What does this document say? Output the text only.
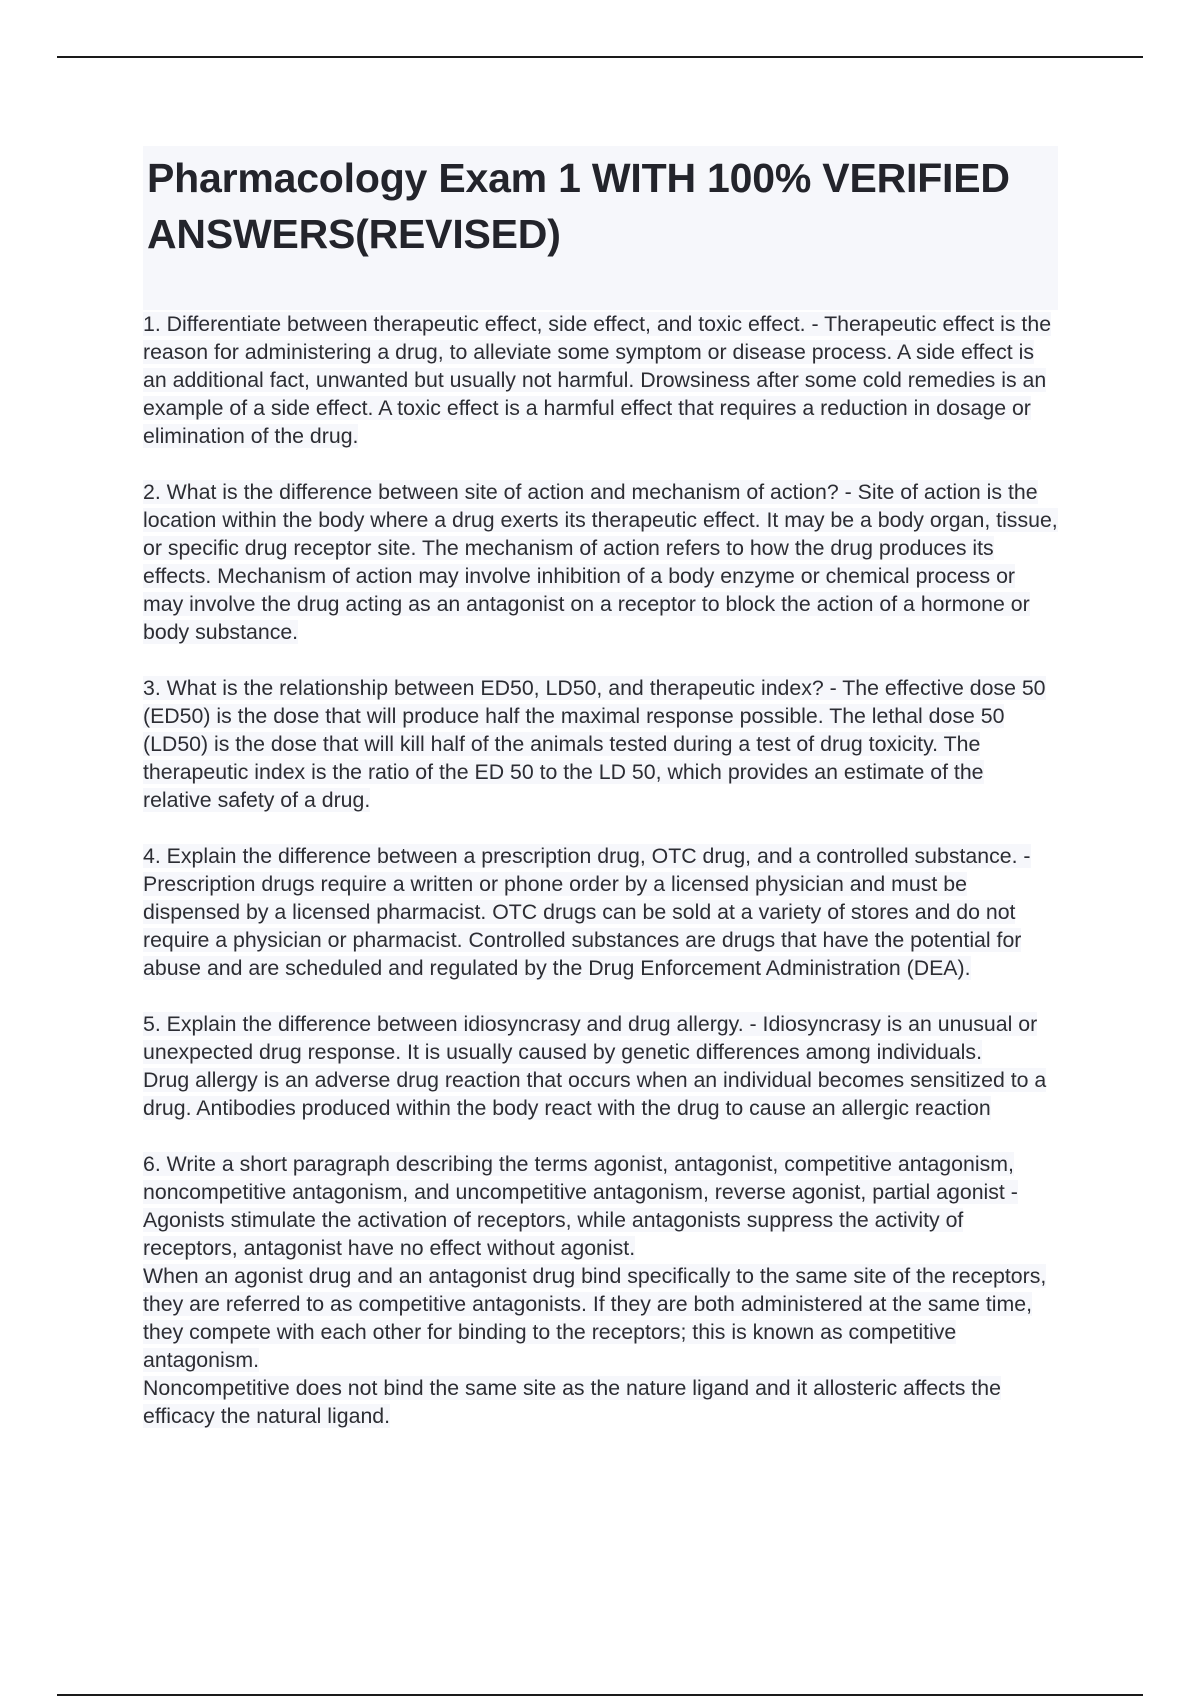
Pharmacology Exam 1 WITH 100% VERIFIED ANSWERS(REVISED)

1. Differentiate between therapeutic effect, side effect, and toxic effect. - Therapeutic effect is the reason for administering a drug, to alleviate some symptom or disease process. A side effect is an additional fact, unwanted but usually not harmful. Drowsiness after some cold remedies is an example of a side effect. A toxic effect is a harmful effect that requires a reduction in dosage or elimination of the drug.

2. What is the difference between site of action and mechanism of action? - Site of action is the location within the body where a drug exerts its therapeutic effect. It may be a body organ, tissue, or specific drug receptor site. The mechanism of action refers to how the drug produces its effects. Mechanism of action may involve inhibition of a body enzyme or chemical process or may involve the drug acting as an antagonist on a receptor to block the action of a hormone or body substance.

3. What is the relationship between ED50, LD50, and therapeutic index? - The effective dose 50 (ED50) is the dose that will produce half the maximal response possible. The lethal dose 50 (LD50) is the dose that will kill half of the animals tested during a test of drug toxicity. The therapeutic index is the ratio of the ED 50 to the LD 50, which provides an estimate of the relative safety of a drug.

4. Explain the difference between a prescription drug, OTC drug, and a controlled substance. - Prescription drugs require a written or phone order by a licensed physician and must be dispensed by a licensed pharmacist. OTC drugs can be sold at a variety of stores and do not require a physician or pharmacist. Controlled substances are drugs that have the potential for abuse and are scheduled and regulated by the Drug Enforcement Administration (DEA).

5. Explain the difference between idiosyncrasy and drug allergy. - Idiosyncrasy is an unusual or unexpected drug response. It is usually caused by genetic differences among individuals.

Drug allergy is an adverse drug reaction that occurs when an individual becomes sensitized to a drug. Antibodies produced within the body react with the drug to cause an allergic reaction

6. Write a short paragraph describing the terms agonist, antagonist, competitive antagonism, noncompetitive antagonism, and uncompetitive antagonism, reverse agonist, partial agonist - Agonists stimulate the activation of receptors, while antagonists suppress the activity of receptors, antagonist have no effect without agonist.

When an agonist drug and an antagonist drug bind specifically to the same site of the receptors, they are referred to as competitive antagonists. If they are both administered at the same time, they compete with each other for binding to the receptors; this is known as competitive antagonism.

Noncompetitive does not bind the same site as the nature ligand and it allosteric affects the efficacy the natural ligand.
